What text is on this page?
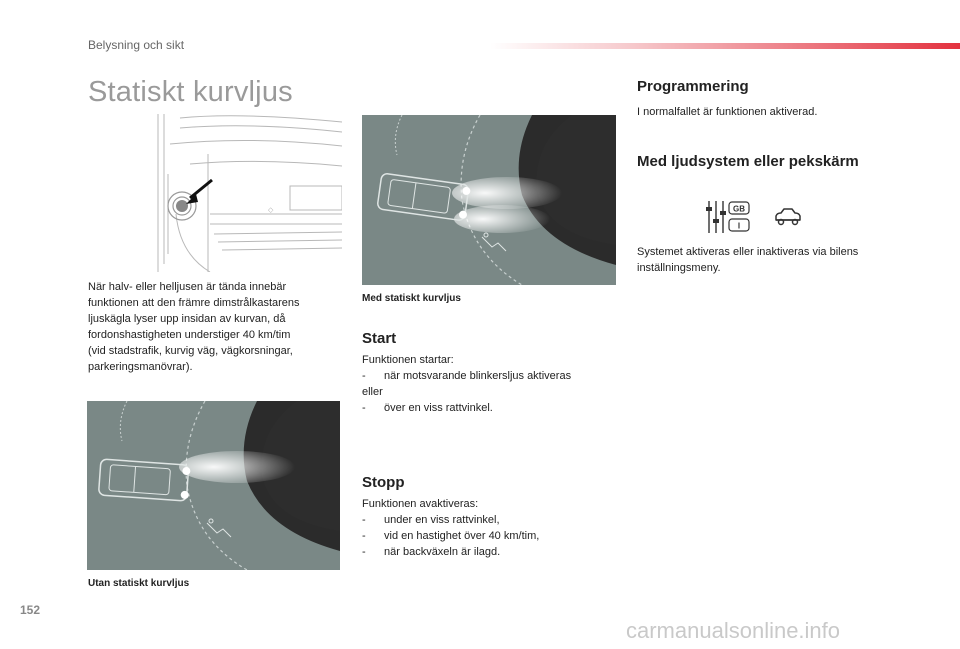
Belysning och sikt
Statiskt kurvljus
◇
När halv- eller helljusen är tända innebär
funktionen att den främre dimstrålkastarens
ljuskägla lyser upp insidan av kurvan, då
fordonshastigheten understiger 40 km/tim
(vid stadstrafik, kurvig väg, vägkorsningar,
parkeringsmanövrar).
Med statiskt kurvljus
Start
Funktionen startar:
-	när motsvarande blinkersljus aktiveras
eller
-	över en viss rattvinkel.
Utan statiskt kurvljus
Stopp
Funktionen avaktiveras:
-	under en viss rattvinkel,
-	vid en hastighet över 40 km/tim,
-	när backväxeln är ilagd.
Programmering
I normalfallet är funktionen aktiverad.
Med ljudsystem eller pekskärm
GB
I
Systemet aktiveras eller inaktiveras via bilens
inställningsmeny.
152
carmanualsonline.info
